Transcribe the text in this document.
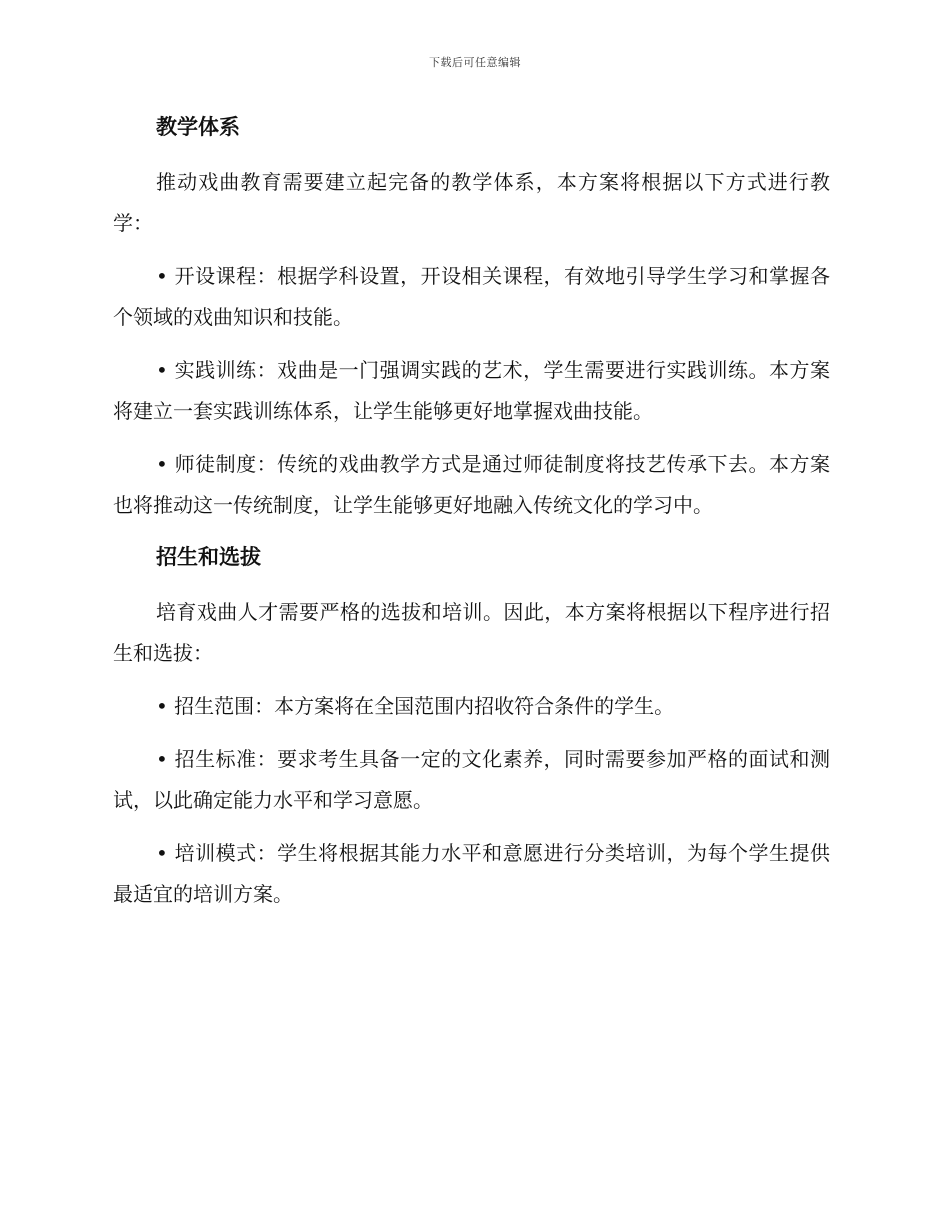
下载后可任意编辑
教学体系

推动戏曲教育需要建立起完备的教学体系，本方案将根据以下方式进行教学：

• 开设课程：根据学科设置，开设相关课程，有效地引导学生学习和掌握各个领域的戏曲知识和技能。

• 实践训练：戏曲是一门强调实践的艺术，学生需要进行实践训练。本方案将建立一套实践训练体系，让学生能够更好地掌握戏曲技能。

• 师徒制度：传统的戏曲教学方式是通过师徒制度将技艺传承下去。本方案也将推动这一传统制度，让学生能够更好地融入传统文化的学习中。

招生和选拔

培育戏曲人才需要严格的选拔和培训。因此，本方案将根据以下程序进行招生和选拔：

• 招生范围：本方案将在全国范围内招收符合条件的学生。

• 招生标准：要求考生具备一定的文化素养，同时需要参加严格的面试和测试，以此确定能力水平和学习意愿。

• 培训模式：学生将根据其能力水平和意愿进行分类培训，为每个学生提供最适宜的培训方案。
